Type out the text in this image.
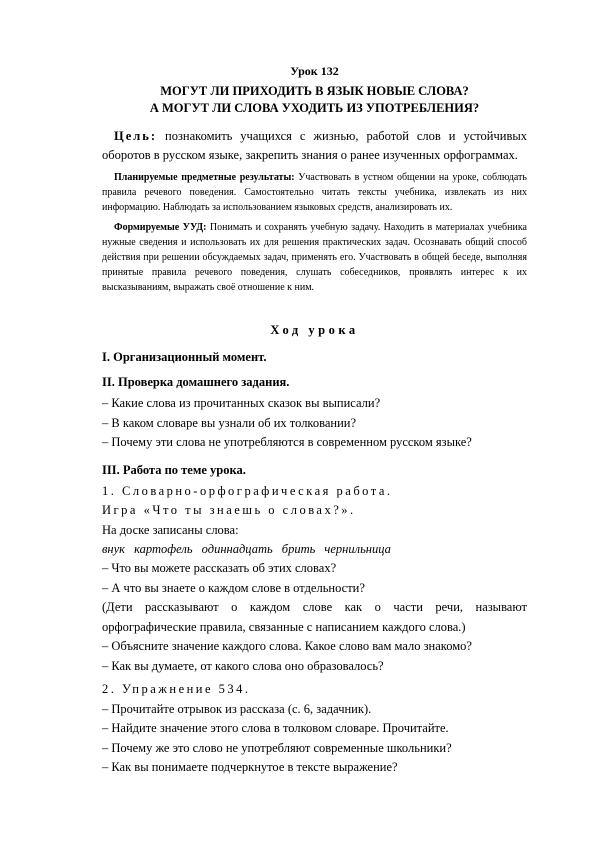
Урок 132
МОГУТ ЛИ ПРИХОДИТЬ В ЯЗЫК НОВЫЕ СЛОВА?
А МОГУТ ЛИ СЛОВА УХОДИТЬ ИЗ УПОТРЕБЛЕНИЯ?
Цель: познакомить учащихся с жизнью, работой слов и устойчивых оборотов в русском языке, закрепить знания о ранее изученных орфограммах.
Планируемые предметные результаты: Участвовать в устном общении на уроке, соблюдать правила речевого поведения. Самостоятельно читать тексты учебника, извлекать из них информацию. Наблюдать за использованием языковых средств, анализировать их.
Формируемые УУД: Понимать и сохранять учебную задачу. Находить в материалах учебника нужные сведения и использовать их для решения практических задач. Осознавать общий способ действия при решении обсуждаемых задач, применять его. Участвовать в общей беседе, выполняя принятые правила речевого поведения, слушать собеседников, проявлять интерес к их высказываниям, выражать своё отношение к ним.
Ход урока
I. Организационный момент.
II. Проверка домашнего задания.
– Какие слова из прочитанных сказок вы выписали?
– В каком словаре вы узнали об их толковании?
– Почему эти слова не употребляются в современном русском языке?
III. Работа по теме урока.
1. Словарно-орфографическая работа.
Игра «Что ты знаешь о словах?».
На доске записаны слова:
внук картофель одиннадцать брить чернильница
– Что вы можете рассказать об этих словах?
– А что вы знаете о каждом слове в отдельности?
(Дети рассказывают о каждом слове как о части речи, называют орфографические правила, связанные с написанием каждого слова.)
– Объясните значение каждого слова. Какое слово вам мало знакомо?
– Как вы думаете, от какого слова оно образовалось?
2. Упражнение 534.
– Прочитайте отрывок из рассказа (с. 6, задачник).
– Найдите значение этого слова в толковом словаре. Прочитайте.
– Почему же это слово не употребляют современные школьники?
– Как вы понимаете подчеркнутое в тексте выражение?
